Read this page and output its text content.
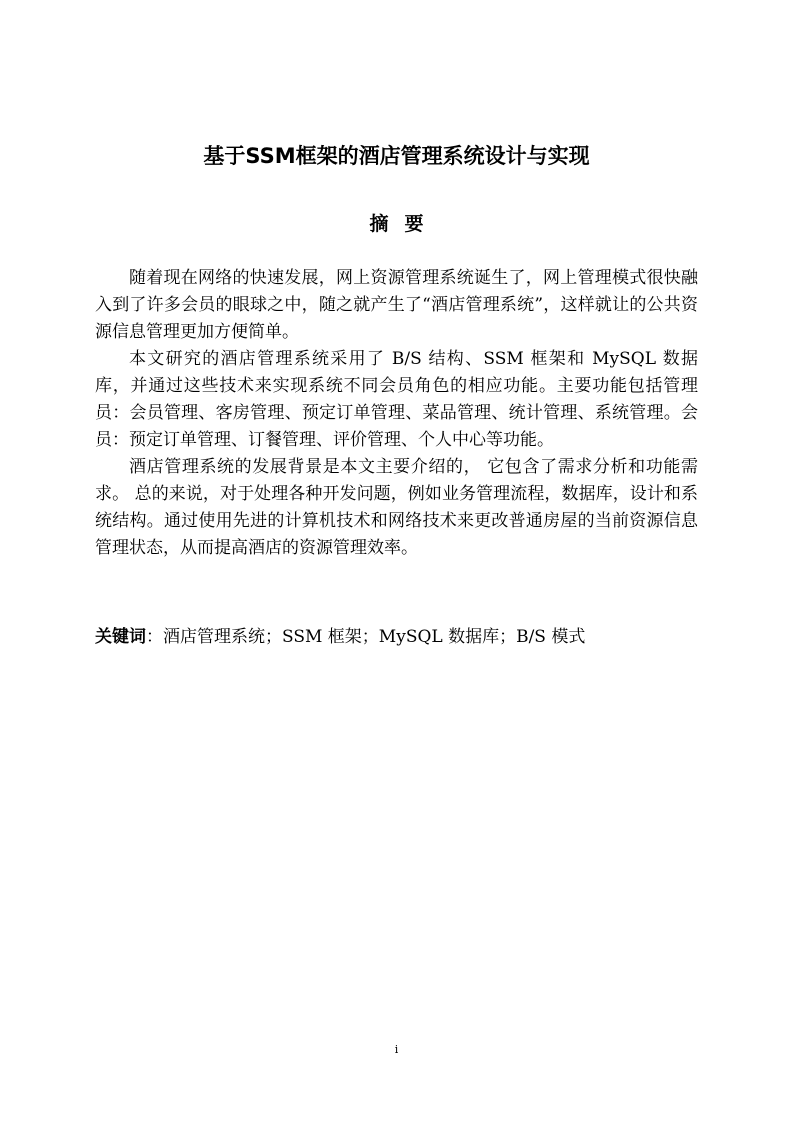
基于SSM框架的酒店管理系统设计与实现
摘要

随着现在网络的快速发展，网上资源管理系统诞生了，网上管理模式很快融入到了许多会员的眼球之中，随之就产生了“酒店管理系统”，这样就让的公共资源信息管理更加方便简单。

本文研究的酒店管理系统采用了 B/S 结构、SSM 框架和 MySQL 数据库，并通过这些技术来实现系统不同会员角色的相应功能。主要功能包括管理员：会员管理、客房管理、预定订单管理、菜品管理、统计管理、系统管理。会员：预定订单管理、订餐管理、评价管理、个人中心等功能。

酒店管理系统的发展背景是本文主要介绍的， 它包含了需求分析和功能需求。 总的来说，对于处理各种开发问题，例如业务管理流程，数据库，设计和系统结构。通过使用先进的计算机技术和网络技术来更改普通房屋的当前资源信息管理状态，从而提高酒店的资源管理效率。

关键词：酒店管理系统；SSM 框架；MySQL 数据库；B/S 模式
i
